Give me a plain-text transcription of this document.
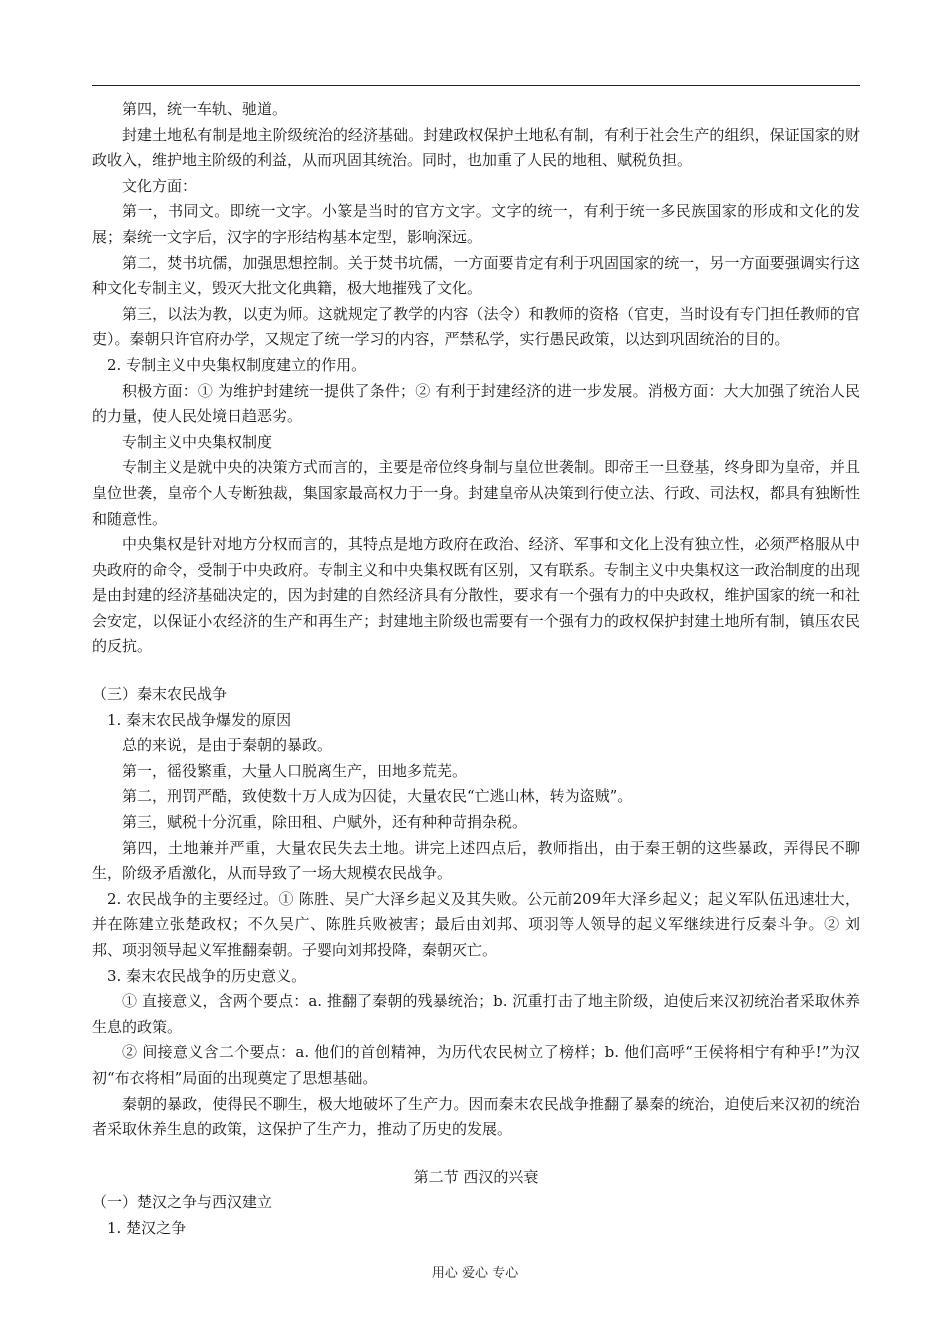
第四，统一车轨、驰道。

封建土地私有制是地主阶级统治的经济基础。封建政权保护土地私有制，有利于社会生产的组织，保证国家的财政收入，维护地主阶级的利益，从而巩固其统治。同时，也加重了人民的地租、赋税负担。

文化方面：

第一，书同文。即统一文字。小篆是当时的官方文字。文字的统一，有利于统一多民族国家的形成和文化的发展；秦统一文字后，汉字的字形结构基本定型，影响深远。

第二，焚书坑儒，加强思想控制。关于焚书坑儒，一方面要肯定有利于巩固国家的统一，另一方面要强调实行这种文化专制主义，毁灭大批文化典籍，极大地摧残了文化。

第三，以法为教，以吏为师。这就规定了教学的内容（法令）和教师的资格（官吏，当时设有专门担任教师的官吏）。秦朝只许官府办学，又规定了统一学习的内容，严禁私学，实行愚民政策，以达到巩固统治的目的。

2. 专制主义中央集权制度建立的作用。

积极方面：① 为维护封建统一提供了条件；② 有利于封建经济的进一步发展。消极方面：大大加强了统治人民的力量，使人民处境日趋恶劣。

专制主义中央集权制度

专制主义是就中央的决策方式而言的，主要是帝位终身制与皇位世袭制。即帝王一旦登基，终身即为皇帝，并且皇位世袭，皇帝个人专断独裁，集国家最高权力于一身。封建皇帝从决策到行使立法、行政、司法权，都具有独断性和随意性。

中央集权是针对地方分权而言的，其特点是地方政府在政治、经济、军事和文化上没有独立性，必须严格服从中央政府的命令，受制于中央政府。专制主义和中央集权既有区别，又有联系。专制主义中央集权这一政治制度的出现是由封建的经济基础决定的，因为封建的自然经济具有分散性，要求有一个强有力的中央政权，维护国家的统一和社会安定，以保证小农经济的生产和再生产；封建地主阶级也需要有一个强有力的政权保护封建土地所有制，镇压农民的反抗。

（三）秦末农民战争

1. 秦末农民战争爆发的原因

总的来说，是由于秦朝的暴政。

第一，徭役繁重，大量人口脱离生产，田地多荒芜。

第二，刑罚严酷，致使数十万人成为囚徒，大量农民“亡逃山林，转为盗贼”。

第三，赋税十分沉重，除田租、户赋外，还有种种苛捐杂税。

第四，土地兼并严重，大量农民失去土地。讲完上述四点后，教师指出，由于秦王朝的这些暴政，弄得民不聊生，阶级矛盾激化，从而导致了一场大规模农民战争。

2. 农民战争的主要经过。① 陈胜、吴广大泽乡起义及其失败。公元前209年大泽乡起义；起义军队伍迅速壮大，并在陈建立张楚政权；不久吴广、陈胜兵败被害；最后由刘邦、项羽等人领导的起义军继续进行反秦斗争。② 刘邦、项羽领导起义军推翻秦朝。子婴向刘邦投降，秦朝灭亡。

3. 秦末农民战争的历史意义。

① 直接意义，含两个要点：a. 推翻了秦朝的残暴统治；b. 沉重打击了地主阶级，迫使后来汉初统治者采取休养生息的政策。

② 间接意义含二个要点：a. 他们的首创精神，为历代农民树立了榜样；b. 他们高呼“王侯将相宁有种乎!”为汉初“布衣将相”局面的出现奠定了思想基础。

秦朝的暴政，使得民不聊生，极大地破坏了生产力。因而秦末农民战争推翻了暴秦的统治，迫使后来汉初的统治者采取休养生息的政策，这保护了生产力，推动了历史的发展。

第二节 西汉的兴衰

（一）楚汉之争与西汉建立

1. 楚汉之争

用心 爱心 专心
